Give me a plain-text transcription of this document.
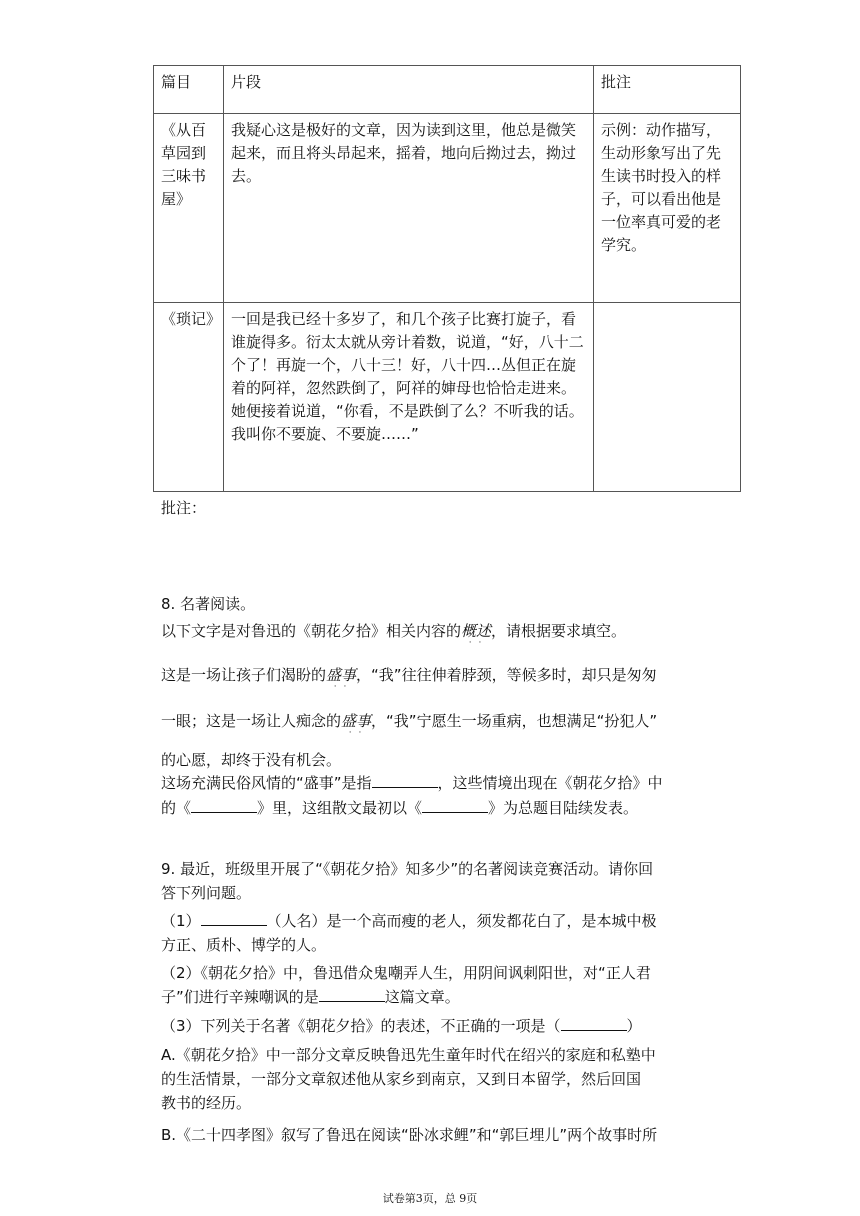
篇目	片段	批注
《从百草园到三味书屋》	我疑心这是极好的文章，因为读到这里，他总是微笑起来，而且将头昂起来，摇着，地向后拗过去，拗过去。	示例：动作描写，生动形象写出了先生读书时投入的样子，可以看出他是一位率真可爱的老学究。
《琐记》	一回是我已经十多岁了，和几个孩子比赛打旋子，看谁旋得多。衍太太就从旁计着数，说道，“好，八十二个了！再旋一个，八十三！好，八十四…丛但正在旋着的阿祥，忽然跌倒了，阿祥的婶母也恰恰走进来。她便接着说道，“你看，不是跌倒了么？不听我的话。我叫你不要旋、不要旋……”	
批注：
8. 名著阅读。
以下文字是对鲁迅的《朝花夕拾》相关内容的概述 · ·，请根据要求填空。
这是一场让孩子们渴盼的盛事 · ·，“我”往往伸着脖颈，等候多时，却只是匆匆
一眼；这是一场让人痴念的盛事 · ·，“我”宁愿生一场重病，也想满足“扮犯人”
的心愿，却终于没有机会。
这场充满民俗风情的“盛事”是指	，这些情境出现在《朝花夕拾》中
的《	》里，这组散文最初以《	》为总题目陆续发表。
9. 最近，班级里开展了“《朝花夕拾》知多少”的名著阅读竞赛活动。请你回
答下列问题。
（1）	（人名）是一个高而瘦的老人，须发都花白了，是本城中极
方正、质朴、博学的人。
（2）《朝花夕拾》中，鲁迅借众鬼嘲弄人生，用阴间讽刺阳世，对“正人君
子”们进行辛辣嘲讽的是	这篇文章。
（3）下列关于名著《朝花夕拾》的表述，不正确的一项是（	）
A.《朝花夕拾》中一部分文章反映鲁迅先生童年时代在绍兴的家庭和私塾中
的生活情景，一部分文章叙述他从家乡到南京，又到日本留学，然后回国
教书的经历。
B.《二十四孝图》叙写了鲁迅在阅读“卧冰求鲤”和“郭巨埋儿”两个故事时所
试卷第3页，总 9页
